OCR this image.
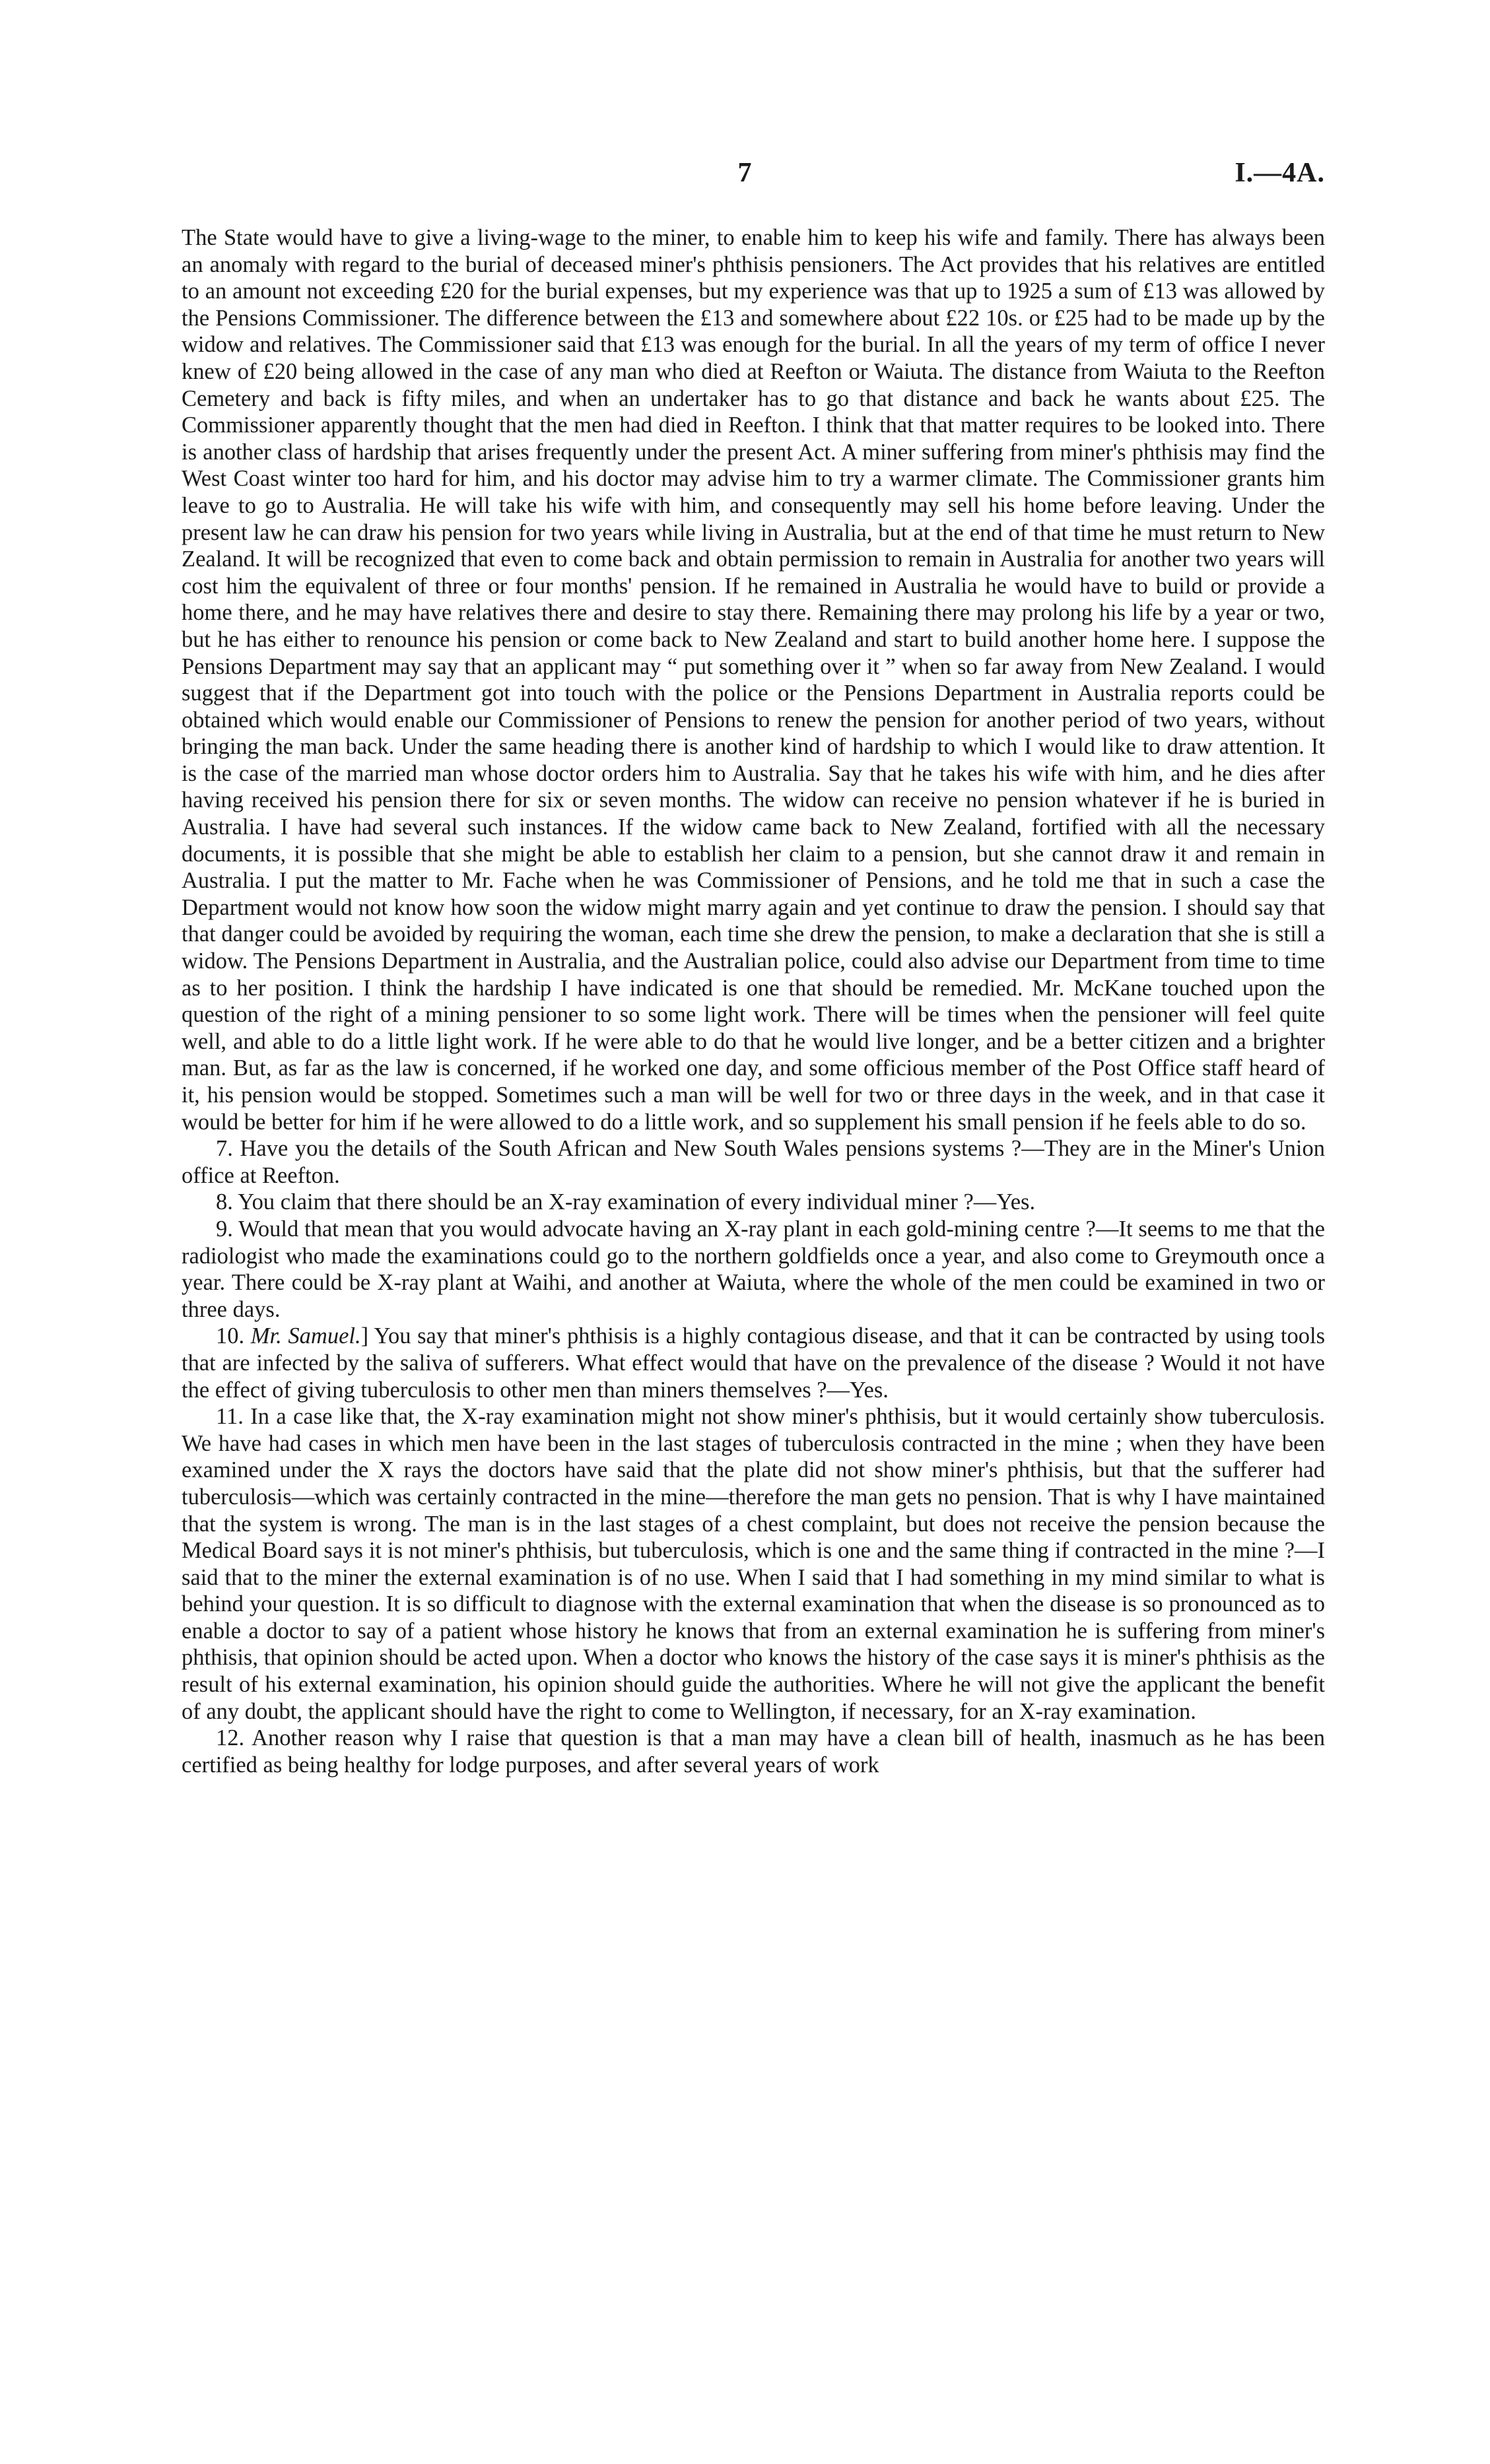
7	I.—4A.

The State would have to give a living-wage to the miner, to enable him to keep his wife and family. There has always been an anomaly with regard to the burial of deceased miner's phthisis pensioners. The Act provides that his relatives are entitled to an amount not exceeding £20 for the burial expenses, but my experience was that up to 1925 a sum of £13 was allowed by the Pensions Commissioner. The difference between the £13 and somewhere about £22 10s. or £25 had to be made up by the widow and relatives. The Commissioner said that £13 was enough for the burial. In all the years of my term of office I never knew of £20 being allowed in the case of any man who died at Reefton or Waiuta. The distance from Waiuta to the Reefton Cemetery and back is fifty miles, and when an undertaker has to go that distance and back he wants about £25. The Commissioner apparently thought that the men had died in Reefton. I think that that matter requires to be looked into. There is another class of hardship that arises frequently under the present Act. A miner suffering from miner's phthisis may find the West Coast winter too hard for him, and his doctor may advise him to try a warmer climate. The Commissioner grants him leave to go to Australia. He will take his wife with him, and consequently may sell his home before leaving. Under the present law he can draw his pension for two years while living in Australia, but at the end of that time he must return to New Zealand. It will be recognized that even to come back and obtain permission to remain in Australia for another two years will cost him the equivalent of three or four months' pension. If he remained in Australia he would have to build or provide a home there, and he may have relatives there and desire to stay there. Remaining there may prolong his life by a year or two, but he has either to renounce his pension or come back to New Zealand and start to build another home here. I suppose the Pensions Department may say that an applicant may “ put something over it ” when so far away from New Zealand. I would suggest that if the Department got into touch with the police or the Pensions Department in Australia reports could be obtained which would enable our Commissioner of Pensions to renew the pension for another period of two years, without bringing the man back. Under the same heading there is another kind of hardship to which I would like to draw attention. It is the case of the married man whose doctor orders him to Australia. Say that he takes his wife with him, and he dies after having received his pension there for six or seven months. The widow can receive no pension whatever if he is buried in Australia. I have had several such instances. If the widow came back to New Zealand, fortified with all the necessary documents, it is possible that she might be able to establish her claim to a pension, but she cannot draw it and remain in Australia. I put the matter to Mr. Fache when he was Commissioner of Pensions, and he told me that in such a case the Department would not know how soon the widow might marry again and yet continue to draw the pension. I should say that that danger could be avoided by requiring the woman, each time she drew the pension, to make a declaration that she is still a widow. The Pensions Department in Australia, and the Australian police, could also advise our Department from time to time as to her position. I think the hardship I have indicated is one that should be remedied. Mr. McKane touched upon the question of the right of a mining pensioner to so some light work. There will be times when the pensioner will feel quite well, and able to do a little light work. If he were able to do that he would live longer, and be a better citizen and a brighter man. But, as far as the law is concerned, if he worked one day, and some officious member of the Post Office staff heard of it, his pension would be stopped. Sometimes such a man will be well for two or three days in the week, and in that case it would be better for him if he were allowed to do a little work, and so supplement his small pension if he feels able to do so.

7. Have you the details of the South African and New South Wales pensions systems ?—They are in the Miner's Union office at Reefton.

8. You claim that there should be an X-ray examination of every individual miner ?—Yes.

9. Would that mean that you would advocate having an X-ray plant in each gold-mining centre ?—It seems to me that the radiologist who made the examinations could go to the northern goldfields once a year, and also come to Greymouth once a year. There could be X-ray plant at Waihi, and another at Waiuta, where the whole of the men could be examined in two or three days.

10. Mr. Samuel.] You say that miner's phthisis is a highly contagious disease, and that it can be contracted by using tools that are infected by the saliva of sufferers. What effect would that have on the prevalence of the disease ? Would it not have the effect of giving tuberculosis to other men than miners themselves ?—Yes.

11. In a case like that, the X-ray examination might not show miner's phthisis, but it would certainly show tuberculosis. We have had cases in which men have been in the last stages of tuberculosis contracted in the mine ; when they have been examined under the X rays the doctors have said that the plate did not show miner's phthisis, but that the sufferer had tuberculosis—which was certainly contracted in the mine—therefore the man gets no pension. That is why I have maintained that the system is wrong. The man is in the last stages of a chest complaint, but does not receive the pension because the Medical Board says it is not miner's phthisis, but tuberculosis, which is one and the same thing if contracted in the mine ?—I said that to the miner the external examination is of no use. When I said that I had something in my mind similar to what is behind your question. It is so difficult to diagnose with the external examination that when the disease is so pronounced as to enable a doctor to say of a patient whose history he knows that from an external examination he is suffering from miner's phthisis, that opinion should be acted upon. When a doctor who knows the history of the case says it is miner's phthisis as the result of his external examination, his opinion should guide the authorities. Where he will not give the applicant the benefit of any doubt, the applicant should have the right to come to Wellington, if necessary, for an X-ray examination.

12. Another reason why I raise that question is that a man may have a clean bill of health, inasmuch as he has been certified as being healthy for lodge purposes, and after several years of work
